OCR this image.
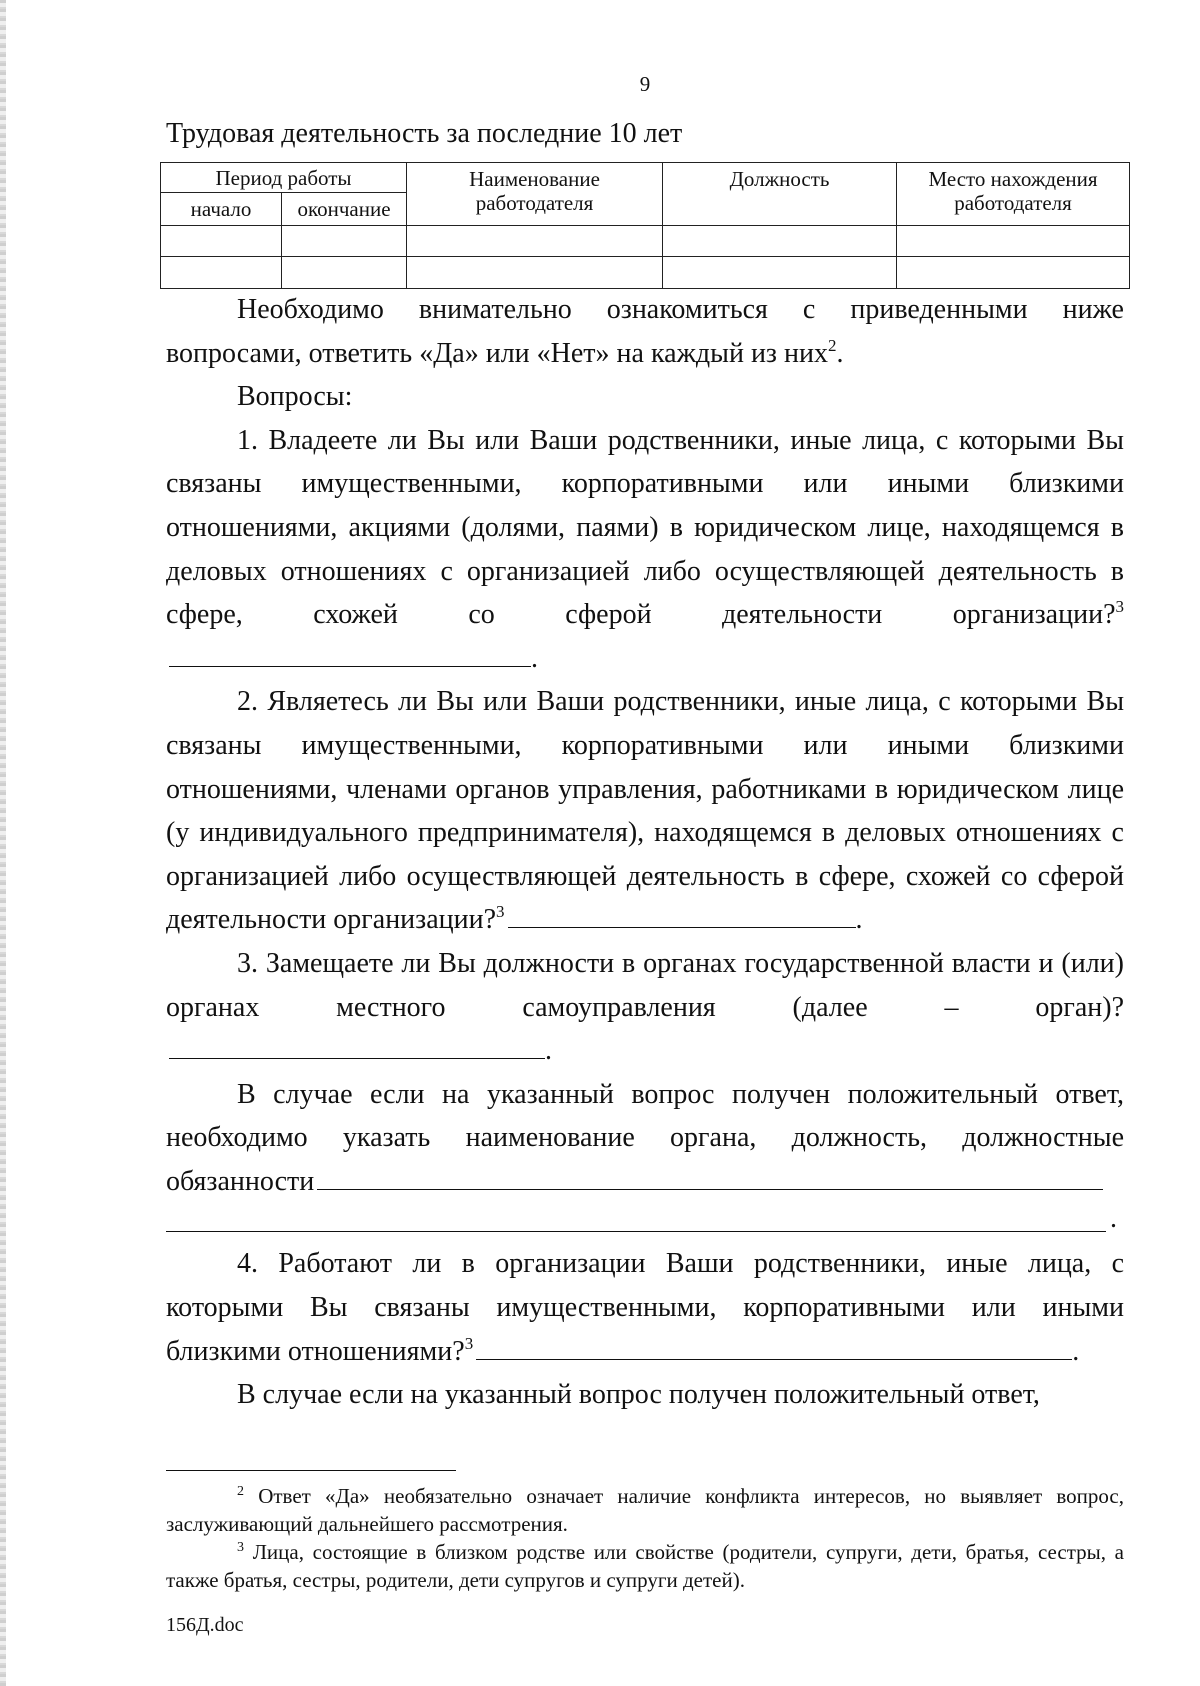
9
Трудовая деятельность за последние 10 лет
Период работы		Наименование работодателя	Должность	Место нахождения работодателя
начало	окончание			

Необходимо внимательно ознакомиться с приведенными ниже вопросами, ответить «Да» или «Нет» на каждый из них$^2$.

Вопросы:

1. Владеете ли Вы или Ваши родственники, иные лица, с которыми Вы связаны имущественными, корпоративными или иными близкими отношениями, акциями (долями, паями) в юридическом лице, находящемся в деловых отношениях с организацией либо осуществляющей деятельность в сфере, схожей со сферой деятельности организации?$^3$.

2. Являетесь ли Вы или Ваши родственники, иные лица, с которыми Вы связаны имущественными, корпоративными или иными близкими отношениями, членами органов управления, работниками в юридическом лице (у индивидуального предпринимателя), находящемся в деловых отношениях с организацией либо осуществляющей деятельность в сфере, схожей со сферой деятельности организации?$^3$	.

3. Замещаете ли Вы должности в органах государственной власти и (или) органах местного самоуправления (далее – орган)?.

В случае если на указанный вопрос получен положительный ответ, необходимо указать наименование органа, должность, должностные обязанности

.

4. Работают ли в организации Ваши родственники, иные лица, с которыми Вы связаны имущественными, корпоративными или иными близкими отношениями?$^3$	.

В случае если на указанный вопрос получен положительный ответ,

$^2$ Ответ «Да» необязательно означает наличие конфликта интересов, но выявляет вопрос, заслуживающий дальнейшего рассмотрения.

$^3$ Лица, состоящие в близком родстве или свойстве (родители, супруги, дети, братья, сестры, а также братья, сестры, родители, дети супругов и супруги детей).

156Д.doc
